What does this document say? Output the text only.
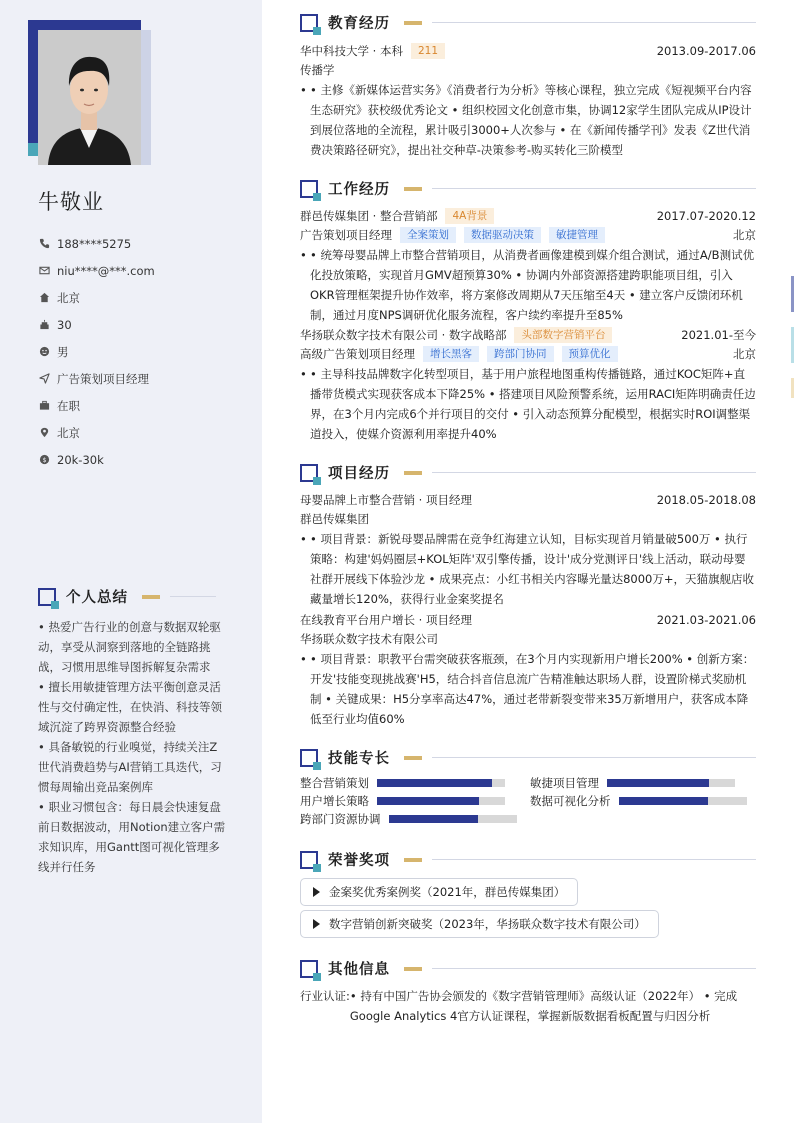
牛敬业
188****5275
niu****@***.com
北京
30
男
广告策划项目经理
在职
北京
$ 20k-30k
个人总结

• 热爱广告行业的创意与数据双轮驱动，享受从洞察到落地的全链路挑战，习惯用思维导图拆解复杂需求

• 擅长用敏捷管理方法平衡创意灵活性与交付确定性，在快消、科技等领域沉淀了跨界资源整合经验

• 具备敏锐的行业嗅觉，持续关注Z世代消费趋势与AI营销工具迭代，习惯每周输出竞品案例库

• 职业习惯包含：每日晨会快速复盘前日数据波动，用Notion建立客户需求知识库，用Gantt图可视化管理多线并行任务

教育经历
华中科技大学 · 本科	211	2013.09-2017.06
传播学
• • 主修《新媒体运营实务》《消费者行为分析》等核心课程，独立完成《短视频平台内容生态研究》获校级优秀论文 • 组织校园文化创意市集，协调12家学生团队完成从IP设计到展位落地的全流程，累计吸引3000+人次参与 • 在《新闻传播学刊》发表《Z世代消费决策路径研究》，提出社交种草-决策参考-购买转化三阶模型
工作经历
群邑传媒集团 · 整合营销部	4A背景	2017.07-2020.12
广告策划项目经理	全案策划	数据驱动决策	敏捷管理	北京
• • 统筹母婴品牌上市整合营销项目，从消费者画像建模到媒介组合测试，通过A/B测试优化投放策略，实现首月GMV超预算30% • 协调内外部资源搭建跨职能项目组，引入OKR管理框架提升协作效率，将方案修改周期从7天压缩至4天 • 建立客户反馈闭环机制，通过月度NPS调研优化服务流程，客户续约率提升至85%
华扬联众数字技术有限公司 · 数字战略部	头部数字营销平台	2021.01-至今
高级广告策划项目经理	增长黑客	跨部门协同	预算优化	北京
• • 主导科技品牌数字化转型项目，基于用户旅程地图重构传播链路，通过KOC矩阵+直播带货模式实现获客成本下降25% • 搭建项目风险预警系统，运用RACI矩阵明确责任边界，在3个月内完成6个并行项目的交付 • 引入动态预算分配模型，根据实时ROI调整渠道投入，使媒介资源利用率提升40%
项目经历
母婴品牌上市整合营销 · 项目经理	2018.05-2018.08
群邑传媒集团
• • 项目背景：新锐母婴品牌需在竞争红海建立认知，目标实现首月销量破500万 • 执行策略：构建'妈妈圈层+KOL矩阵'双引擎传播，设计'成分党测评日'线上活动，联动母婴社群开展线下体验沙龙 • 成果亮点：小红书相关内容曝光量达8000万+，天猫旗舰店收藏量增长120%，获得行业金案奖提名
在线教育平台用户增长 · 项目经理	2021.03-2021.06
华扬联众数字技术有限公司
• • 项目背景：职教平台需突破获客瓶颈，在3个月内实现新用户增长200% • 创新方案：开发'技能变现挑战赛'H5，结合抖音信息流广告精准触达职场人群，设置阶梯式奖励机制 • 关键成果：H5分享率高达47%，通过老带新裂变带来35万新增用户，获客成本降低至行业均值60%
技能专长
整合营销策划	敏捷项目管理
用户增长策略	数据可视化分析
跨部门资源协调
荣誉奖项
金案奖优秀案例奖（2021年，群邑传媒集团）
数字营销创新突破奖（2023年，华扬联众数字技术有限公司）
其他信息
行业认证: • 持有中国广告协会颁发的《数字营销管理师》高级认证（2022年） • 完成Google Analytics 4官方认证课程，掌握新版数据看板配置与归因分析
